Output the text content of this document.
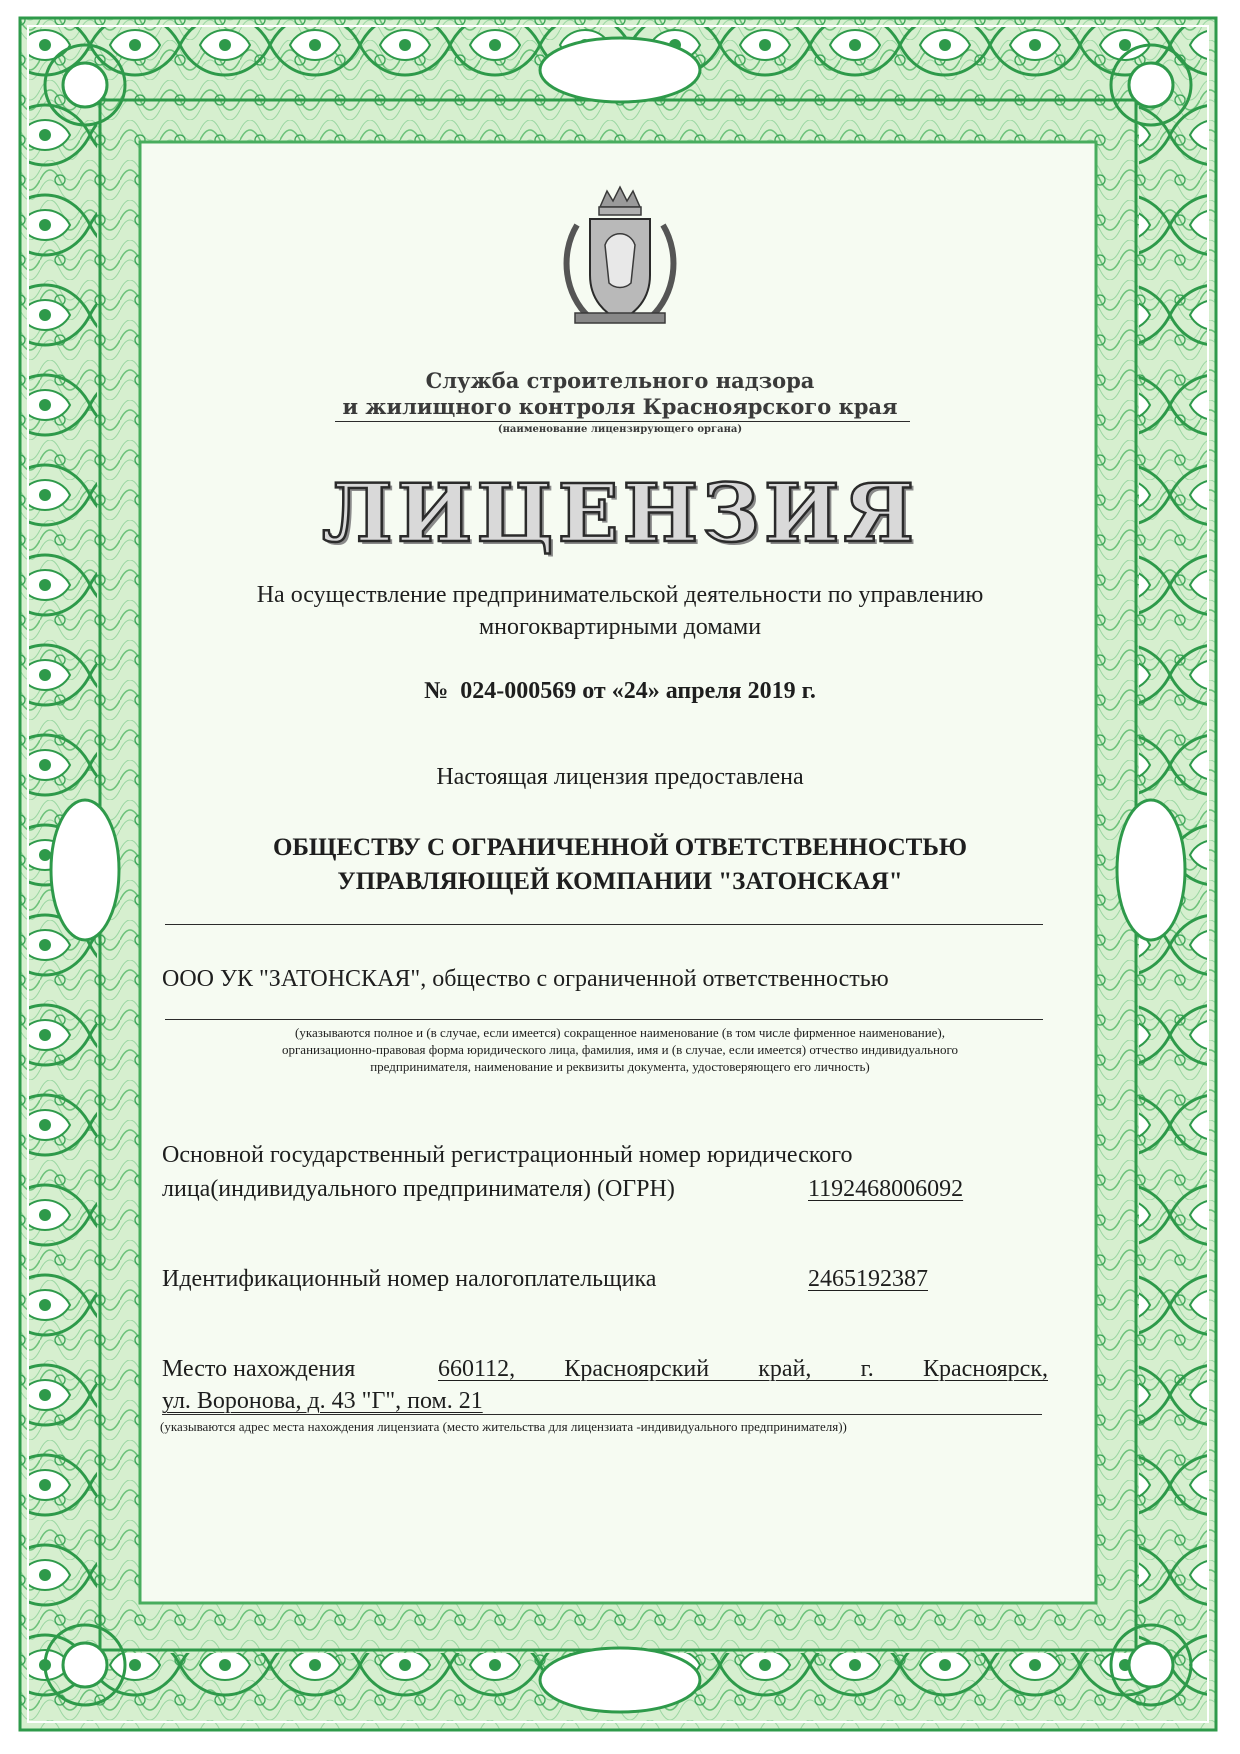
Служба строительного надзора
и жилищного контроля Красноярского края
(наименование лицензирующего органа)
ЛИЦЕНЗИЯ
На осуществление предпринимательской деятельности по управлению
многоквартирными домами
№  024-000569 от «24» апреля 2019 г.
Настоящая лицензия предоставлена
ОБЩЕСТВУ С ОГРАНИЧЕННОЙ ОТВЕТСТВЕННОСТЬЮ
УПРАВЛЯЮЩЕЙ КОМПАНИИ "ЗАТОНСКАЯ"
ООО УК "ЗАТОНСКАЯ", общество с ограниченной ответственностью
(указываются полное и (в случае, если имеется) сокращенное наименование (в том числе фирменное наименование),
организационно-правовая форма юридического лица, фамилия, имя и (в случае, если имеется) отчество индивидуального
предпринимателя, наименование и реквизиты документа, удостоверяющего его личность)
Основной государственный регистрационный номер юридического
лица(индивидуального предпринимателя) (ОГРН)	1192468006092
Идентификационный номер налогоплательщика	2465192387
Место нахождения	660112, Красноярский край, г. Красноярск,
ул. Воронова, д. 43 "Г", пом. 21
(указываются адрес места нахождения лицензиата (место жительства для лицензиата -индивидуального предпринимателя))
